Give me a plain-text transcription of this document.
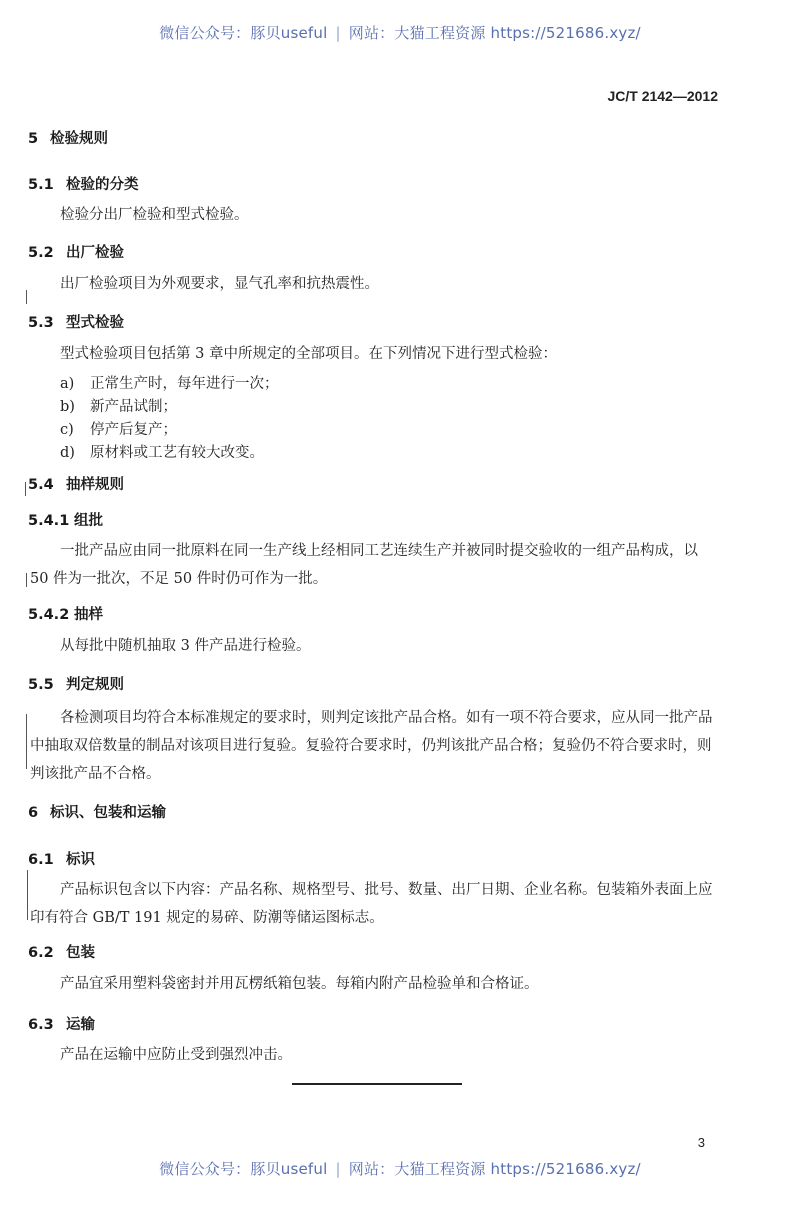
微信公众号：豚贝useful | 网站：大猫工程资源 https://521686.xyz/
JC/T 2142—2012
5 检验规则
5.1 检验的分类
检验分出厂检验和型式检验。
5.2 出厂检验
出厂检验项目为外观要求，显气孔率和抗热震性。
5.3 型式检验
型式检验项目包括第 3 章中所规定的全部项目。在下列情况下进行型式检验：
a) 正常生产时，每年进行一次；
b) 新产品试制；
c) 停产后复产；
d) 原材料或工艺有较大改变。
5.4 抽样规则
5.4.1 组批
一批产品应由同一批原料在同一生产线上经相同工艺连续生产并被同时提交验收的一组产品构成，以 50 件为一批次，不足 50 件时仍可作为一批。
5.4.2 抽样
从每批中随机抽取 3 件产品进行检验。
5.5 判定规则
各检测项目均符合本标准规定的要求时，则判定该批产品合格。如有一项不符合要求，应从同一批产品中抽取双倍数量的制品对该项目进行复验。复验符合要求时，仍判该批产品合格；复验仍不符合要求时，则判该批产品不合格。
6 标识、包装和运输
6.1 标识
产品标识包含以下内容：产品名称、规格型号、批号、数量、出厂日期、企业名称。包装箱外表面上应印有符合 GB/T 191 规定的易碎、防潮等储运图标志。
6.2 包装
产品宜采用塑料袋密封并用瓦楞纸箱包装。每箱内附产品检验单和合格证。
6.3 运输
产品在运输中应防止受到强烈冲击。
3
微信公众号：豚贝useful | 网站：大猫工程资源 https://521686.xyz/
